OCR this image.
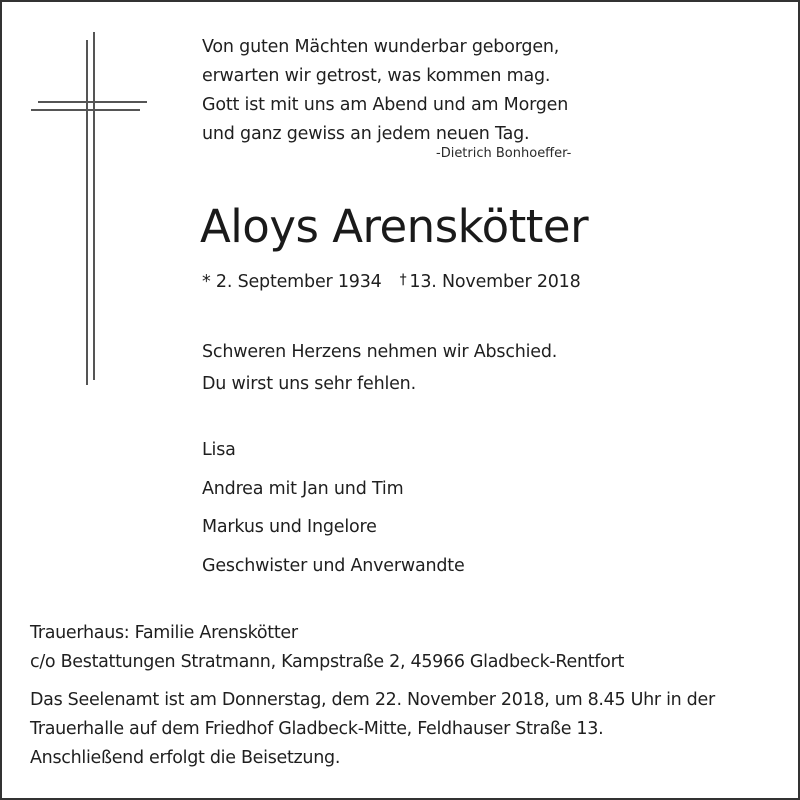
Von guten Mächten wunderbar geborgen,
erwarten wir getrost, was kommen mag.
Gott ist mit uns am Abend und am Morgen
und ganz gewiss an jedem neuen Tag.
-Dietrich Bonhoeffer-
Aloys Arenskötter
* 2. September 1934 † 13. November 2018
Schweren Herzens nehmen wir Abschied.
Du wirst uns sehr fehlen.
Lisa
Andrea mit Jan und Tim
Markus und Ingelore
Geschwister und Anverwandte
Trauerhaus: Familie Arenskötter
c/o Bestattungen Stratmann, Kampstraße 2, 45966 Gladbeck-Rentfort
Das Seelenamt ist am Donnerstag, dem 22. November 2018, um 8.45 Uhr in der
Trauerhalle auf dem Friedhof Gladbeck-Mitte, Feldhauser Straße 13.
Anschließend erfolgt die Beisetzung.
